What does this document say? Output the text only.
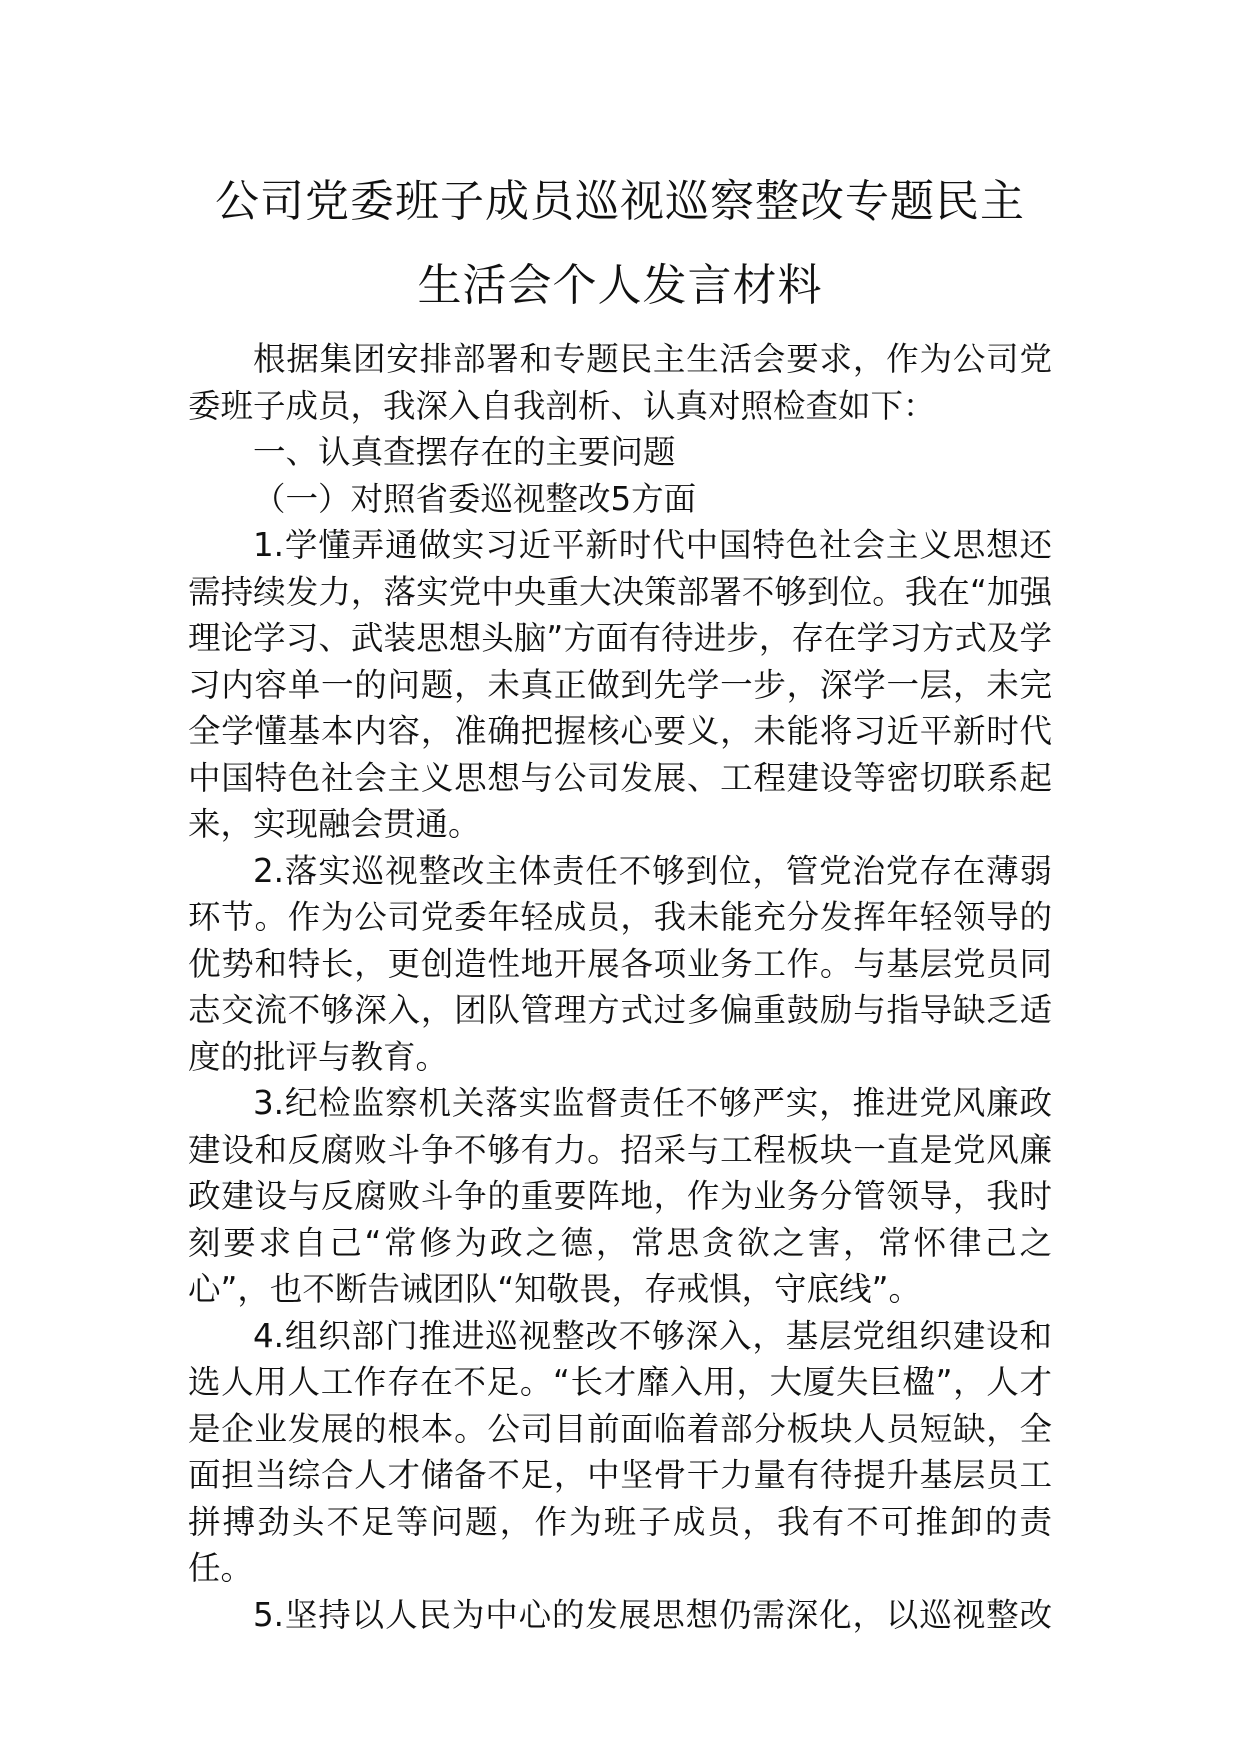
公司党委班子成员巡视巡察整改专题民主
生活会个人发言材料

根据集团安排部署和专题民主生活会要求，作为公司党委班子成员，我深入自我剖析、认真对照检查如下：

一、认真查摆存在的主要问题

（一）对照省委巡视整改5方面

1.学懂弄通做实习近平新时代中国特色社会主义思想还需持续发力，落实党中央重大决策部署不够到位。我在“加强理论学习、武装思想头脑”方面有待进步，存在学习方式及学习内容单一的问题，未真正做到先学一步，深学一层，未完全学懂基本内容，准确把握核心要义，未能将习近平新时代中国特色社会主义思想与公司发展、工程建设等密切联系起来，实现融会贯通。

2.落实巡视整改主体责任不够到位，管党治党存在薄弱环节。作为公司党委年轻成员，我未能充分发挥年轻领导的优势和特长，更创造性地开展各项业务工作。与基层党员同志交流不够深入，团队管理方式过多偏重鼓励与指导缺乏适度的批评与教育。

3.纪检监察机关落实监督责任不够严实，推进党风廉政建设和反腐败斗争不够有力。招采与工程板块一直是党风廉政建设与反腐败斗争的重要阵地，作为业务分管领导，我时刻要求自己“常修为政之德，常思贪欲之害，常怀律己之心”，也不断告诫团队“知敬畏，存戒惧，守底线”。

4.组织部门推进巡视整改不够深入，基层党组织建设和选人用人工作存在不足。“长才靡入用，大厦失巨楹”，人才是企业发展的根本。公司目前面临着部分板块人员短缺，全面担当综合人才储备不足，中坚骨干力量有待提升基层员工拼搏劲头不足等问题，作为班子成员，我有不可推卸的责任。

5.坚持以人民为中心的发展思想仍需深化，以巡视整改
